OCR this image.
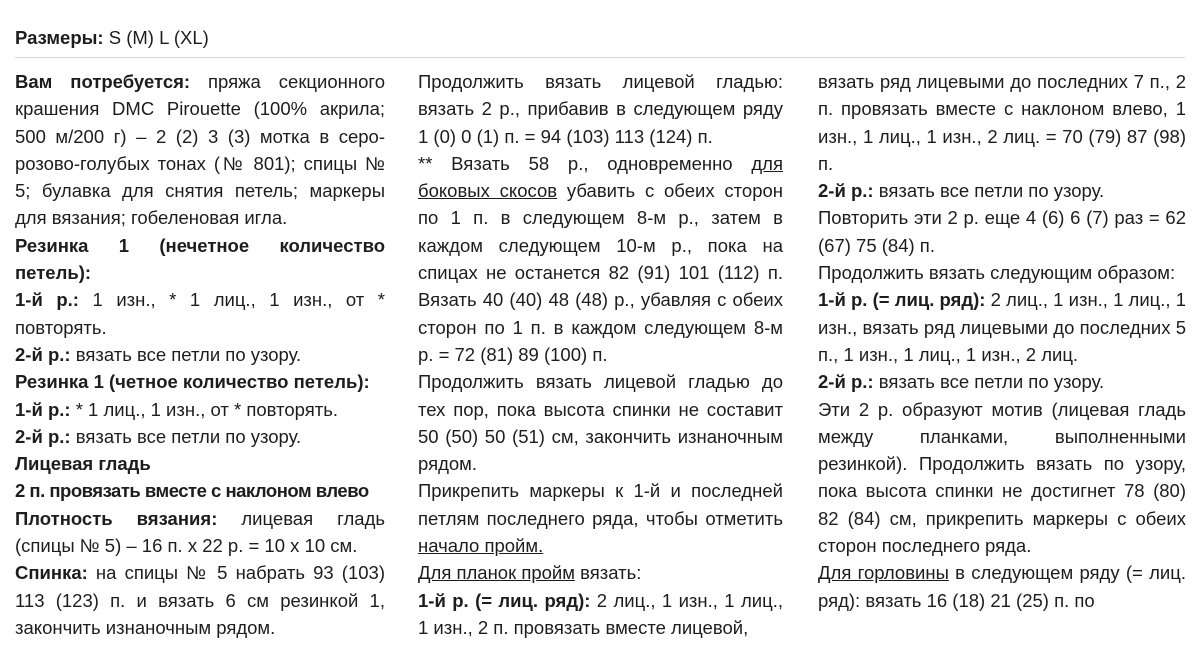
Размеры: S (M) L (XL)

Вам потребуется: пряжа секционного крашения DMC Pirouette (100% акрила; 500 м/200 г) – 2 (2) 3 (3) мотка в серо-розово-голубых тонах (№ 801); спицы № 5; булавка для снятия петель; маркеры для вязания; гобеленовая игла.

Резинка 1 (нечетное количество петель):

1-й р.: 1 изн., * 1 лиц., 1 изн., от * повторять.

2-й р.: вязать все петли по узору.

Резинка 1 (четное количество петель):

1-й р.: * 1 лиц., 1 изн., от * повторять.

2-й р.: вязать все петли по узору.

Лицевая гладь

2 п. провязать вместе с наклоном влево

Плотность вязания: лицевая гладь (спицы № 5) – 16 п. х 22 р. = 10 х 10 см.

Спинка: на спицы № 5 набрать 93 (103) 113 (123) п. и вязать 6 см резинкой 1, закончить изнаночным рядом.

Продолжить вязать лицевой гладью: вязать 2 р., прибавив в следующем ряду 1 (0) 0 (1) п. = 94 (103) 113 (124) п.

** Вязать 58 р., одновременно для боковых скосов убавить с обеих сторон по 1 п. в следующем 8-м р., затем в каждом следующем 10-м р., пока на спицах не останется 82 (91) 101 (112) п. Вязать 40 (40) 48 (48) р., убавляя с обеих сторон по 1 п. в каждом следующем 8-м р. = 72 (81) 89 (100) п.

Продолжить вязать лицевой гладью до тех пор, пока высота спинки не составит 50 (50) 50 (51) см, закончить изнаночным рядом.

Прикрепить маркеры к 1-й и последней петлям последнего ряда, чтобы отметить начало пройм.

Для планок пройм вязать:

1-й р. (= лиц. ряд): 2 лиц., 1 изн., 1 лиц., 1 изн., 2 п. провязать вместе лицевой,

вязать ряд лицевыми до последних 7 п., 2 п. провязать вместе с наклоном влево, 1 изн., 1 лиц., 1 изн., 2 лиц. = 70 (79) 87 (98) п.

2-й р.: вязать все петли по узору.

Повторить эти 2 р. еще 4 (6) 6 (7) раз = 62 (67) 75 (84) п.

Продолжить вязать следующим образом:

1-й р. (= лиц. ряд): 2 лиц., 1 изн., 1 лиц., 1 изн., вязать ряд лицевыми до последних 5 п., 1 изн., 1 лиц., 1 изн., 2 лиц.

2-й р.: вязать все петли по узору.

Эти 2 р. образуют мотив (лицевая гладь между планками, выполненными резинкой). Продолжить вязать по узору, пока высота спинки не достигнет 78 (80) 82 (84) см, прикрепить маркеры с обеих сторон последнего ряда.

Для горловины в следующем ряду (= лиц. ряд): вязать 16 (18) 21 (25) п. по
